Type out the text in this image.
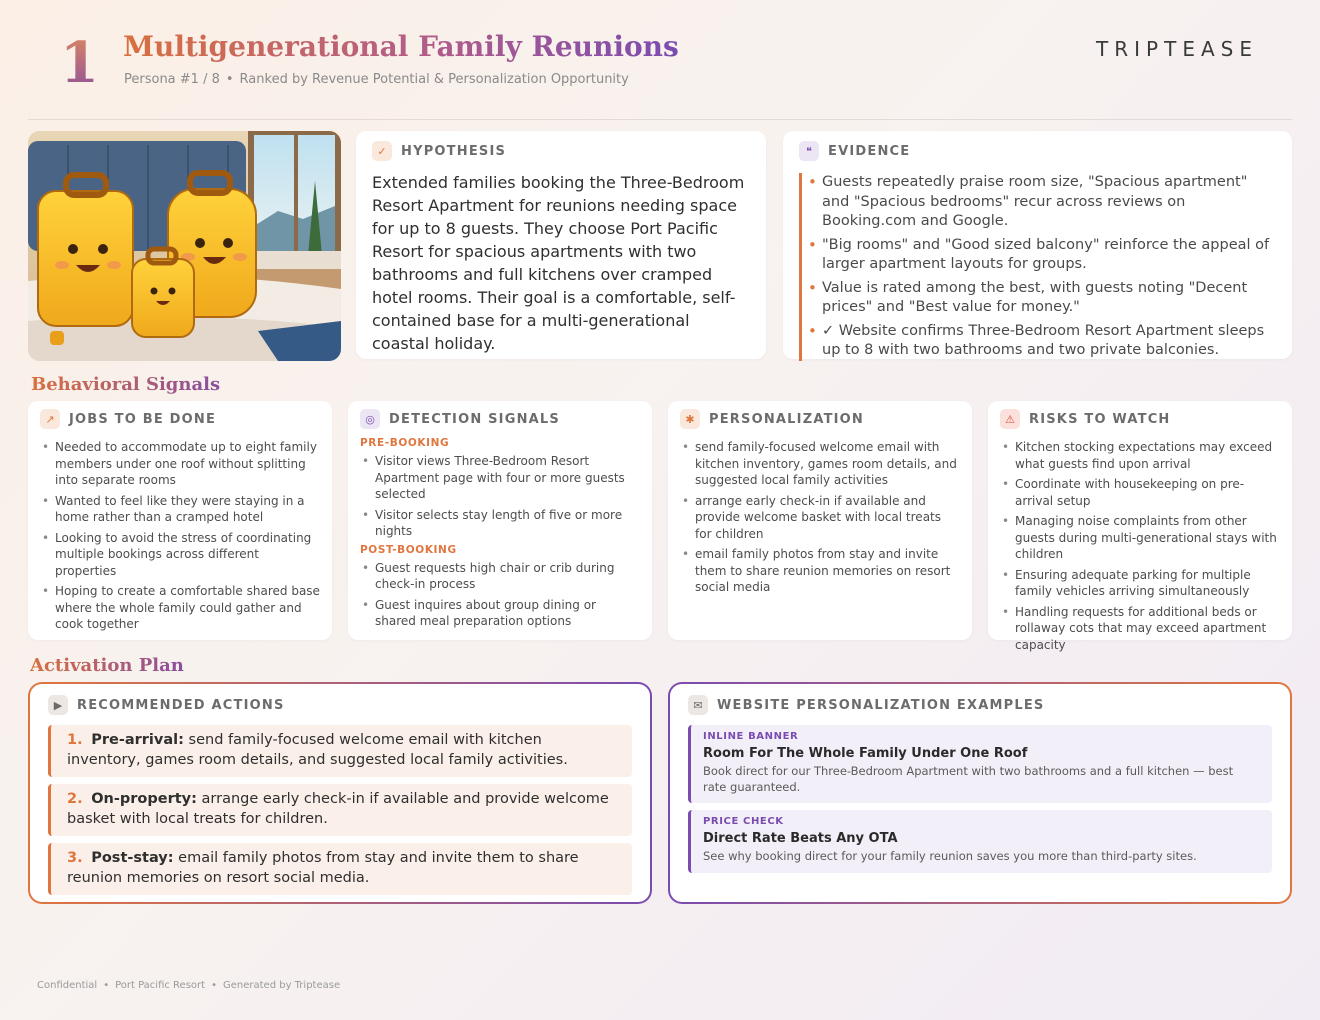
1 Multigenerational Family Reunions
Persona #1 / 8 • Ranked by Revenue Potential & Personalization Opportunity
TRIPTEASE
✓	HYPOTHESIS
Extended families booking the Three-Bedroom Resort Apartment for reunions needing space for up to 8 guests. They choose Port Pacific Resort for spacious apartments with two bathrooms and full kitchens over cramped hotel rooms. Their goal is a comfortable, self-contained base for a multi-generational coastal holiday.
❝	EVIDENCE
• Guests repeatedly praise room size, "Spacious apartment" and "Spacious bedrooms" recur across reviews on Booking.com and Google.
• "Big rooms" and "Good sized balcony" reinforce the appeal of larger apartment layouts for groups.
• Value is rated among the best, with guests noting "Decent prices" and "Best value for money."
• ✓ Website confirms Three-Bedroom Resort Apartment sleeps up to 8 with two bathrooms and two private balconies.
Behavioral Signals
↗	JOBS TO BE DONE
• Needed to accommodate up to eight family members under one roof without splitting into separate rooms
• Wanted to feel like they were staying in a home rather than a cramped hotel
• Looking to avoid the stress of coordinating multiple bookings across different properties
• Hoping to create a comfortable shared base where the whole family could gather and cook together
◎	DETECTION SIGNALS
PRE-BOOKING
• Visitor views Three-Bedroom Resort Apartment page with four or more guests selected
• Visitor selects stay length of five or more nights
POST-BOOKING
• Guest requests high chair or crib during check-in process
• Guest inquires about group dining or shared meal preparation options
✱	PERSONALIZATION
• send family-focused welcome email with kitchen inventory, games room details, and suggested local family activities
• arrange early check-in if available and provide welcome basket with local treats for children
• email family photos from stay and invite them to share reunion memories on resort social media
⚠	RISKS TO WATCH
• Kitchen stocking expectations may exceed what guests find upon arrival
• Coordinate with housekeeping on pre-arrival setup
• Managing noise complaints from other guests during multi-generational stays with children
• Ensuring adequate parking for multiple family vehicles arriving simultaneously
• Handling requests for additional beds or rollaway cots that may exceed apartment capacity
Activation Plan
▶	RECOMMENDED ACTIONS
1. Pre-arrival: send family-focused welcome email with kitchen inventory, games room details, and suggested local family activities.
2. On-property: arrange early check-in if available and provide welcome basket with local treats for children.
3. Post-stay: email family photos from stay and invite them to share reunion memories on resort social media.
✉	WEBSITE PERSONALIZATION EXAMPLES
INLINE BANNER
Room For The Whole Family Under One Roof
Book direct for our Three-Bedroom Apartment with two bathrooms and a full kitchen — best rate guaranteed.
PRICE CHECK
Direct Rate Beats Any OTA
See why booking direct for your family reunion saves you more than third-party sites.
Confidential • Port Pacific Resort • Generated by Triptease
